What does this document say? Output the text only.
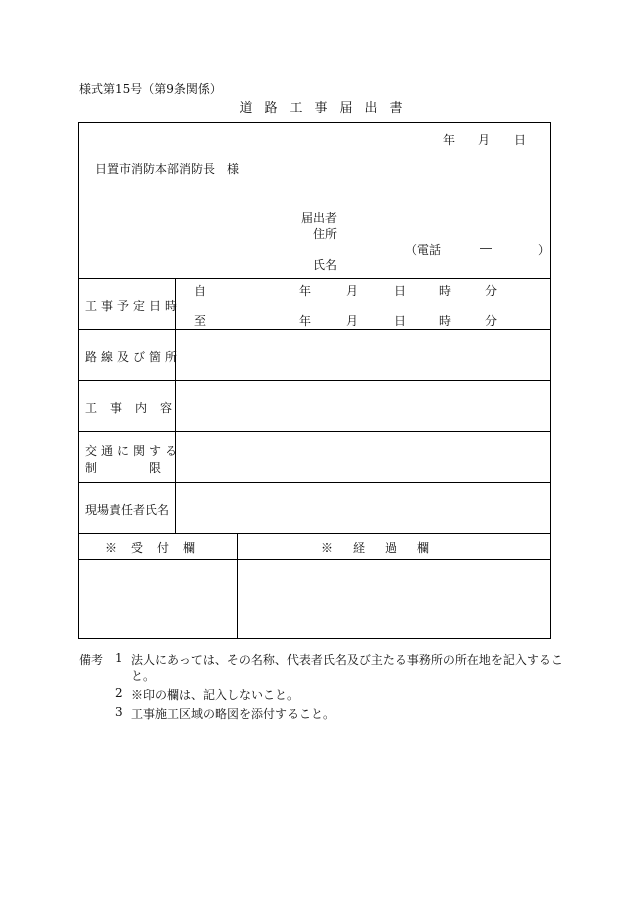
様式第15号（第9条関係）
道路工事届出書
年 月 日
日置市消防本部消防長　様
届出者
住所
（電話	―	）
氏名
工事予定日時
自	年	月	日	時	分
至	年	月	日	時	分
路線及び箇所
工事内容
交通に関する
制限
現場責任者氏名
※受付欄	※経過欄
備考 1 法人にあっては、その名称、代表者氏名及び主たる事務所の所在地を記入するこ
と。
2 ※印の欄は、記入しないこと。
3 工事施工区域の略図を添付すること。
